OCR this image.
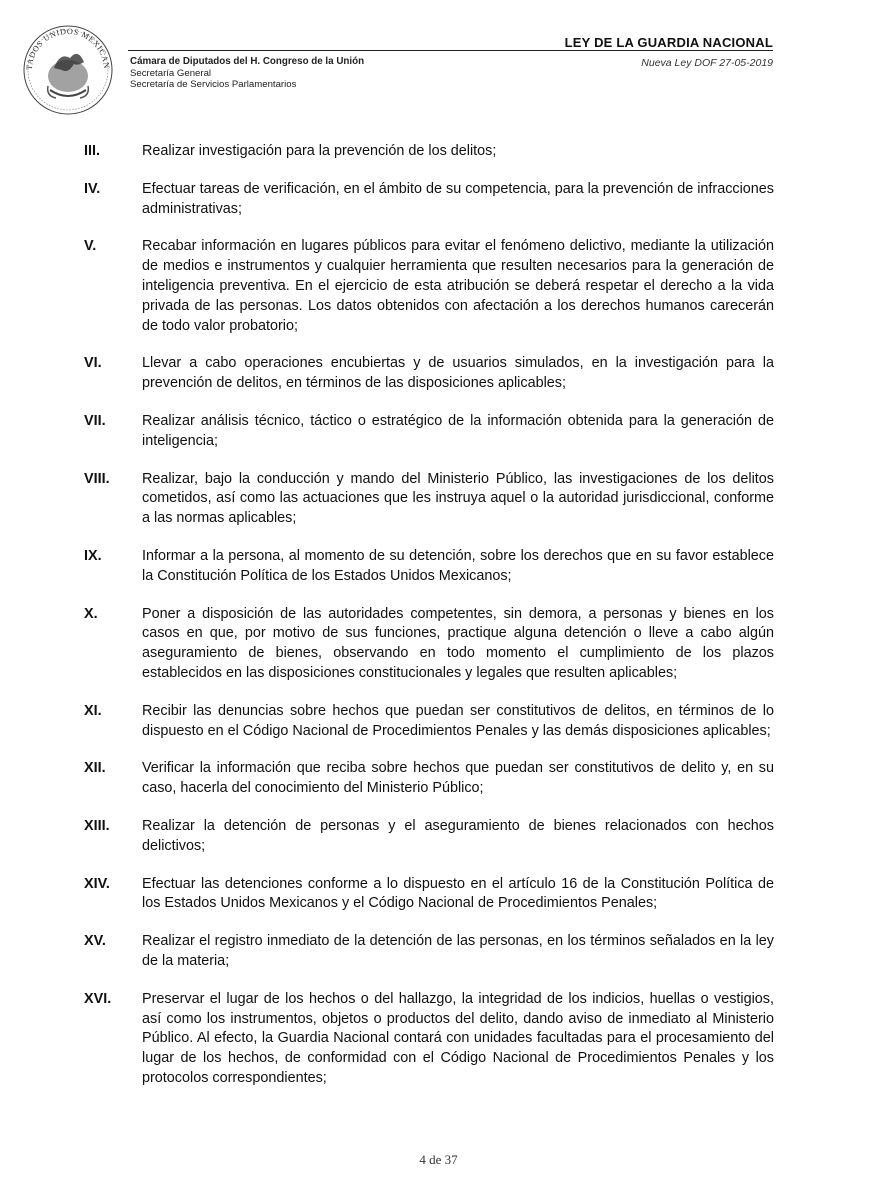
TADOS UNIDOS MEXICAN
LEY DE LA GUARDIA NACIONAL
Nueva Ley DOF 27-05-2019
Cámara de Diputados del H. Congreso de la Unión
Secretaría General
Secretaría de Servicios Parlamentarios
III.	Realizar investigación para la prevención de los delitos;
IV.	Efectuar tareas de verificación, en el ámbito de su competencia, para la prevención de infracciones administrativas;
V.	Recabar información en lugares públicos para evitar el fenómeno delictivo, mediante la utilización de medios e instrumentos y cualquier herramienta que resulten necesarios para la generación de inteligencia preventiva. En el ejercicio de esta atribución se deberá respetar el derecho a la vida privada de las personas. Los datos obtenidos con afectación a los derechos humanos carecerán de todo valor probatorio;
VI.	Llevar a cabo operaciones encubiertas y de usuarios simulados, en la investigación para la prevención de delitos, en términos de las disposiciones aplicables;
VII.	Realizar análisis técnico, táctico o estratégico de la información obtenida para la generación de inteligencia;
VIII.	Realizar, bajo la conducción y mando del Ministerio Público, las investigaciones de los delitos cometidos, así como las actuaciones que les instruya aquel o la autoridad jurisdiccional, conforme a las normas aplicables;
IX.	Informar a la persona, al momento de su detención, sobre los derechos que en su favor establece la Constitución Política de los Estados Unidos Mexicanos;
X.	Poner a disposición de las autoridades competentes, sin demora, a personas y bienes en los casos en que, por motivo de sus funciones, practique alguna detención o lleve a cabo algún aseguramiento de bienes, observando en todo momento el cumplimiento de los plazos establecidos en las disposiciones constitucionales y legales que resulten aplicables;
XI.	Recibir las denuncias sobre hechos que puedan ser constitutivos de delitos, en términos de lo dispuesto en el Código Nacional de Procedimientos Penales y las demás disposiciones aplicables;
XII.	Verificar la información que reciba sobre hechos que puedan ser constitutivos de delito y, en su caso, hacerla del conocimiento del Ministerio Público;
XIII.	Realizar la detención de personas y el aseguramiento de bienes relacionados con hechos delictivos;
XIV.	Efectuar las detenciones conforme a lo dispuesto en el artículo 16 de la Constitución Política de los Estados Unidos Mexicanos y el Código Nacional de Procedimientos Penales;
XV.	Realizar el registro inmediato de la detención de las personas, en los términos señalados en la ley de la materia;
XVI.	Preservar el lugar de los hechos o del hallazgo, la integridad de los indicios, huellas o vestigios, así como los instrumentos, objetos o productos del delito, dando aviso de inmediato al Ministerio Público. Al efecto, la Guardia Nacional contará con unidades facultadas para el procesamiento del lugar de los hechos, de conformidad con el Código Nacional de Procedimientos Penales y los protocolos correspondientes;
4 de 37
